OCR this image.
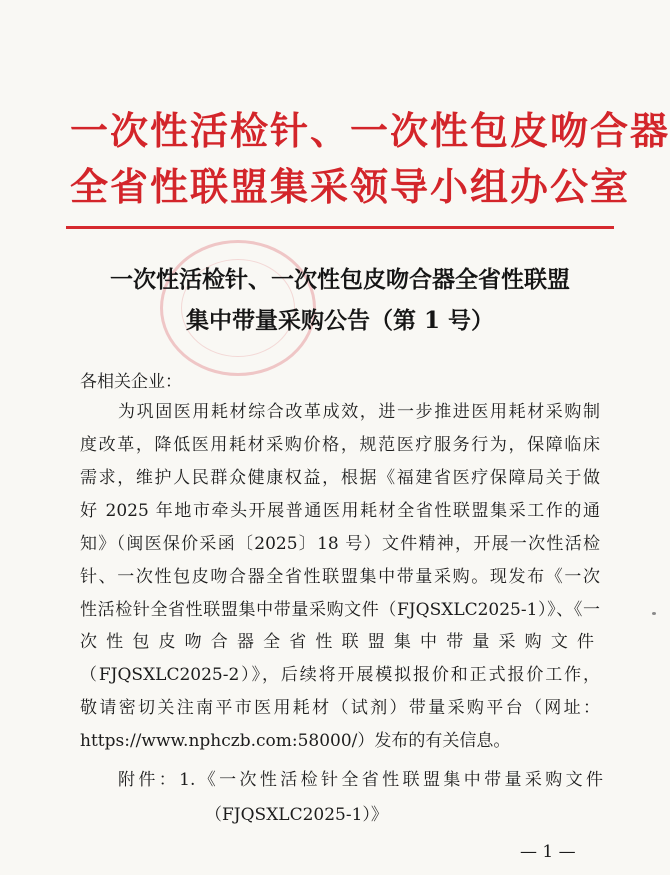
一次性活检针、一次性包皮吻合器
全省性联盟集采领导小组办公室
一次性活检针、一次性包皮吻合器全省性联盟
集中带量采购公告（第 1 号）
各相关企业：
为巩固医用耗材综合改革成效，进一步推进医用耗材采购制
度改革，降低医用耗材采购价格，规范医疗服务行为，保障临床
需求，维护人民群众健康权益，根据《福建省医疗保障局关于做
好 2025 年地市牵头开展普通医用耗材全省性联盟集采工作的通
知》（闽医保价采函〔2025〕18 号）文件精神，开展一次性活检
针、一次性包皮吻合器全省性联盟集中带量采购。现发布《一次
性活检针全省性联盟集中带量采购文件（FJQSXLC2025-1）》、《一
次性包皮吻合器全省性联盟集中带量采购文件
（FJQSXLC2025-2）》，后续将开展模拟报价和正式报价工作，
敬请密切关注南平市医用耗材（试剂）带量采购平台（网址：
https://www.nphczb.com:58000/）发布的有关信息。
附件：1.《一次性活检针全省性联盟集中带量采购文件
（FJQSXLC2025-1）》
— 1 —
